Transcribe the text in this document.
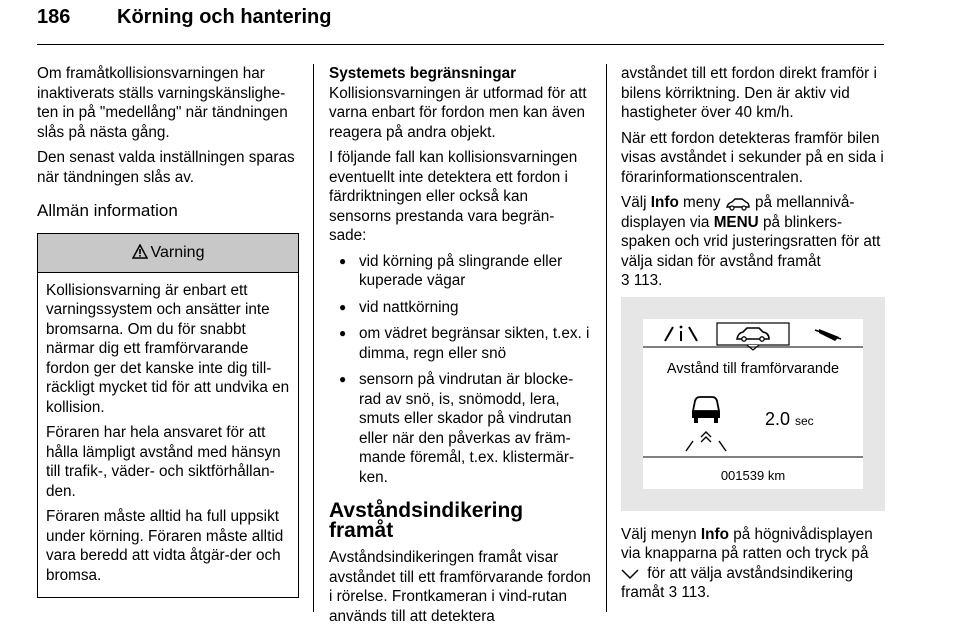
186 Körning och hantering

Om framåtkollisionsvarningen har inaktiverats ställs varningskänslighe-ten in på "medellång" när tändningen slås på nästa gång.

Den senast valda inställningen sparas när tändningen slås av.

Allmän information
Varning

Kollisionsvarning är enbart ett varningssystem och ansätter inte bromsarna. Om du för snabbt närmar dig ett framförvarande fordon ger det kanske inte dig till-räckligt mycket tid för att undvika en kollision.

Föraren har hela ansvaret för att hålla lämpligt avstånd med hänsyn till trafik-, väder- och siktförhållan-den.

Föraren måste alltid ha full uppsikt under körning. Föraren måste alltid vara beredd att vidta åtgär-der och bromsa.

Systemets begränsningar

Kollisionsvarningen är utformad för att varna enbart för fordon men kan även reagera på andra objekt.

I följande fall kan kollisionsvarningen eventuellt inte detektera ett fordon i färdriktningen eller också kan sensorns prestanda vara begrän-sade:

● vid körning på slingrande eller kuperade vägar
● vid nattkörning
● om vädret begränsar sikten, t.ex. i dimma, regn eller snö
● sensorn på vindrutan är blocke-rad av snö, is, snömodd, lera, smuts eller skador på vindrutan eller när den påverkas av främ-mande föremål, t.ex. klistermär-ken.
Avståndsindikering framåt

Avståndsindikeringen framåt visar avståndet till ett framförvarande fordon i rörelse. Frontkameran i vind-rutan används till att detektera

avståndet till ett fordon direkt framför i bilens körriktning. Den är aktiv vid hastigheter över 40 km/h.

När ett fordon detekteras framför bilen visas avståndet i sekunder på en sida i förarinformationscentralen.

Välj Info meny  på mellannivå-displayen via MENU på blinkers-spaken och vrid justeringsratten för att välja sidan för avstånd framåt
3 113.

Avstånd till framförvarande
2.0 sec
001539 km

Välj menyn Info på högnivådisplayen via knapparna på ratten och tryck på
för att välja avståndsindikering framåt 3 113.
